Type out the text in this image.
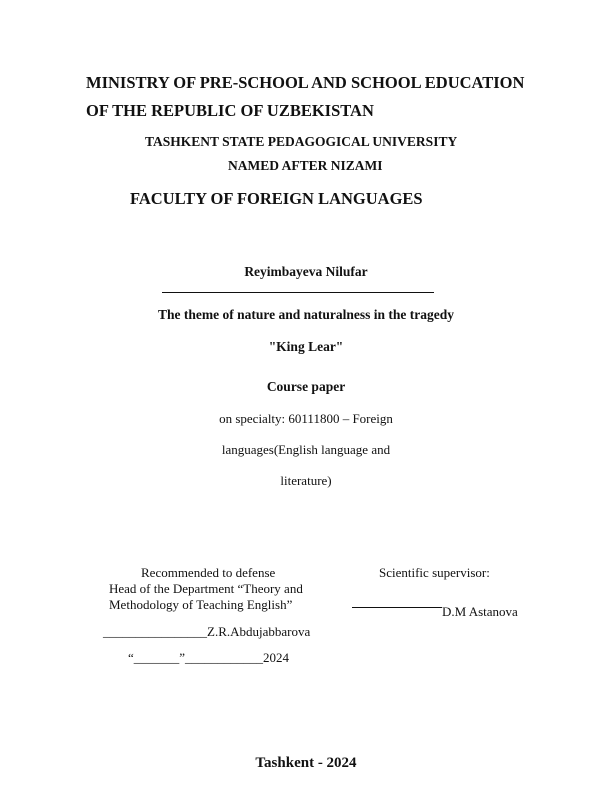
MINISTRY OF PRE-SCHOOL AND SCHOOL EDUCATION
OF THE REPUBLIC OF UZBEKISTAN
TASHKENT STATE PEDAGOGICAL UNIVERSITY
NAMED AFTER NIZAMI
FACULTY OF FOREIGN LANGUAGES
Reyimbayeva Nilufar
The theme of nature and naturalness in the tragedy
"King Lear"
Course paper
on specialty: 60111800 – Foreign
languages(English language and
literature)
Recommended to defense
Head of the Department “Theory and
Methodology of Teaching English”
________________Z.R.Abdujabbarova
“_______”____________2024
Scientific supervisor:
D.M Astanova
Tashkent - 2024
